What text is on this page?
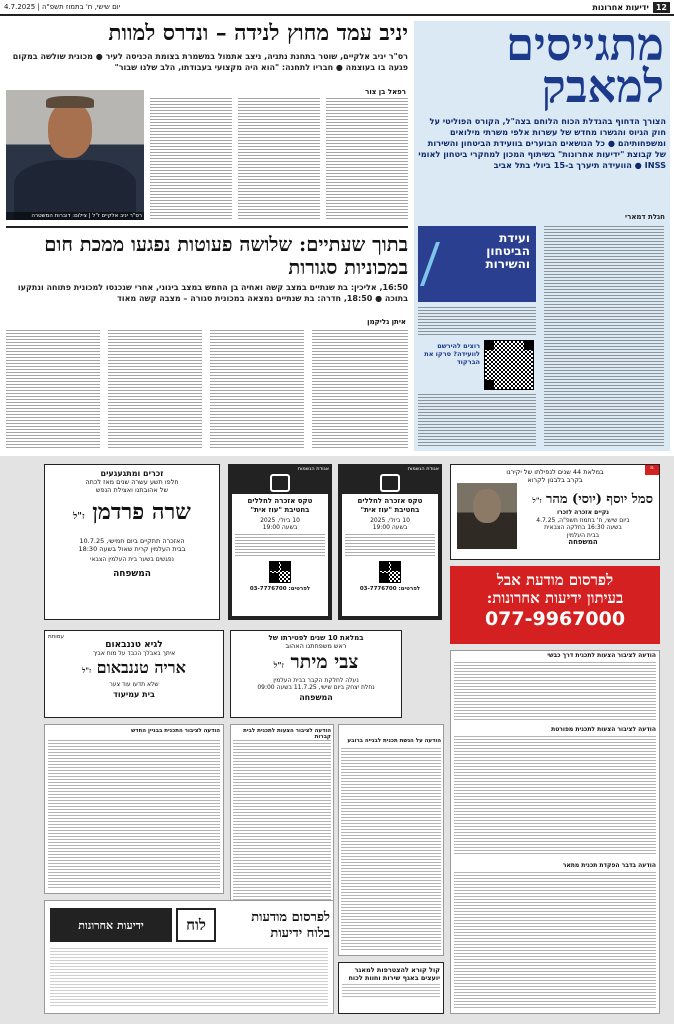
12
ידיעות אחרונות
יום שישי, ח' בתמוז תשפ"ה | 4.7.2025
מתגייסים למאבק
הצורך הדחוף בהגדלת הכוח הלוחם בצה"ל, הקורס הפוליטי על חוק הגיוס והגשרו מחדש של עשרות אלפי משרתי מילואים ומשפחותיהם ● כל הנושאים הבוערים בוועידת הביטחון והשירות של קבוצת "ידיעות אחרונות" בשיתוף המכון למחקרי ביטחון לאומי INSS ● הוועידה תיערך ב-15 ביולי בתל אביב
חגלת דמארי
ועידת
הביטחון
והשירות
רוצים להירשם לוועידה? סרקו את הברקוד
יניב עמד מחוץ לנידה – ונדרס למוות
רס"ר יניב אלקיים, שוטר בתחנת נתניה, ניצב אתמול במשמרת בצומת הכניסה לעיר ● מכונית שולשה במקום פגעה בו בעוצמה ● חבריו לתחנה: "הוא היה מקצועי בעבודתו, הלב שלנו שבור"
רפאל בן צור
רס"ר יניב אלקיים ז"ל | צילום: דוברות המשטרה
בתוך שעתיים: שלושה פעוטות נפגעו ממכת חום במכוניות סגורות
16:50, אליכין: בת שנתיים במצב קשה ואחיה בן החמש במצב בינוני, אחרי שנכנסו למכונית פתוחה ונתקעו בתוכה ● 18:50, חדרה: בת שנתיים נמצאה במכונית סגורה – מצבה קשה מאוד
איתן גליקמן
במלאת 44 שנים לנפילתו של יקירנו
בקרב בלבנון לקרוא
סמל יוסף (יוסי) מהר ז"ל
נקיים אזכרה לזכרו
ביום שישי, ח' בתמוז תשפ"ה, 4.7.25
בשעה 16:30 בחלקה הצבאית
בבית העלמין
המשפחה
מ
אגודת הנשמות
טקס אזכרה לחללים בחטיבת "עוז אית"
10 ביולי, 2025
בשעה 19:00
לפרטים: 03-7776700
אגודת הנשמות
טקס אזכרה לחללים בחטיבת "עוז אית"
10 ביולי, 2025
בשעה 19:00
לפרטים: 03-7776700
זכרים ומתגעגעים
חלפו תשע עשרה שנים מאז לכתה
של אהובתנו ואצילת הנפש
שרה פרדמן ז"ל
האזכרה תתקיים ביום חמישי, 10.7.25
בבית העלמין קרית שאול בשעה 18:30
נפגשים בשער בית העלמין הצבאי
המשפחה	לפרסום מודעת אבל
בעיתון ידיעות אחרונות:
077-9967000
במלאת 10 שנים לפטירתו של
ראש משפחתנו האהוב
צבי מיתר ז"ל
נעלה לחלקת הקבר בבית העלמין
נחלת יצחק ביום שישי, 11.7.25 בשעה 09:00
המשפחה
עמותת
לגיא טננבאום
איתך באבלך הכבד על מות אביך
אריה טננבאום ז"ל
שלא תדעו עוד צער
בית עמיעוד
הודעה לציבור הצעות לתכנית דרך כבשי
הודעה לציבור הצעות לתכנית מפורטת
הודעה בדבר הפקדת תכנית מתאר
הודעה על הגשת תכנית לבנייה ברובע
הודעה לציבור הצעות לתכנית לבית קברות
הודעה לציבור התכנית בבניין החדש
קול קורא להצטרפות למאגר יועצים באגף שירות וחוות לכוח
לפרסום מודעות
בלוח ידיעות
לוח
ידיעות אחרונות
